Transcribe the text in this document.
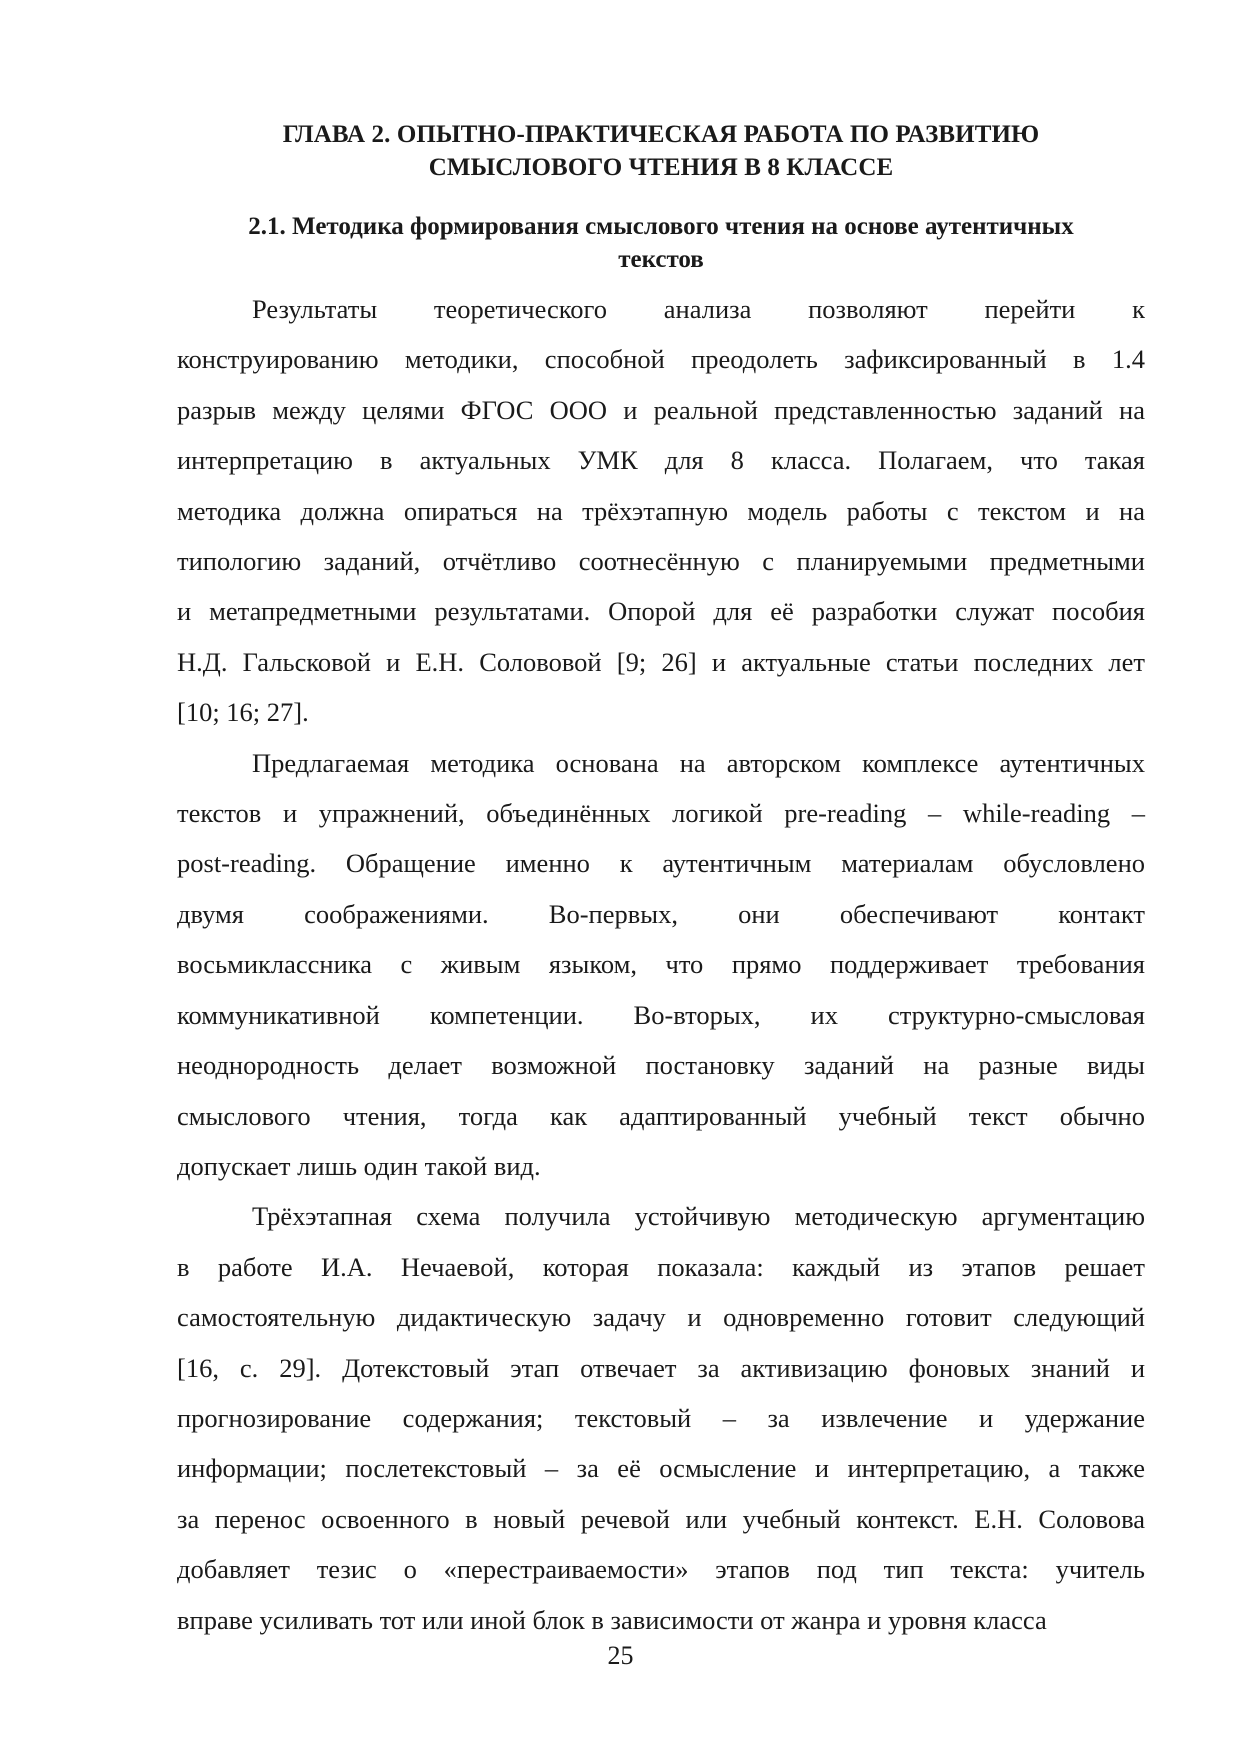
ГЛАВА 2. ОПЫТНО-ПРАКТИЧЕСКАЯ РАБОТА ПО РАЗВИТИЮ
СМЫСЛОВОГО ЧТЕНИЯ В 8 КЛАССЕ
2.1. Методика формирования смыслового чтения на основе аутентичных
текстов
Результаты теоретического анализа позволяют перейти к
конструированию методики, способной преодолеть зафиксированный в 1.4
разрыв между целями ФГОС ООО и реальной представленностью заданий на
интерпретацию в актуальных УМК для 8 класса. Полагаем, что такая
методика должна опираться на трёхэтапную модель работы с текстом и на
типологию заданий, отчётливо соотнесённую с планируемыми предметными
и метапредметными результатами. Опорой для её разработки служат пособия
Н.Д. Гальсковой и Е.Н. Солововой [9; 26] и актуальные статьи последних лет
[10; 16; 27].
Предлагаемая методика основана на авторском комплексе аутентичных
текстов и упражнений, объединённых логикой pre-reading – while-reading –
post-reading. Обращение именно к аутентичным материалам обусловлено
двумя соображениями. Во-первых, они обеспечивают контакт
восьмиклассника с живым языком, что прямо поддерживает требования
коммуникативной компетенции. Во-вторых, их структурно-смысловая
неоднородность делает возможной постановку заданий на разные виды
смыслового чтения, тогда как адаптированный учебный текст обычно
допускает лишь один такой вид.
Трёхэтапная схема получила устойчивую методическую аргументацию
в работе И.А. Нечаевой, которая показала: каждый из этапов решает
самостоятельную дидактическую задачу и одновременно готовит следующий
[16, с. 29]. Дотекстовый этап отвечает за активизацию фоновых знаний и
прогнозирование содержания; текстовый – за извлечение и удержание
информации; послетекстовый – за её осмысление и интерпретацию, а также
за перенос освоенного в новый речевой или учебный контекст. Е.Н. Соловова
добавляет тезис о «перестраиваемости» этапов под тип текста: учитель
вправе усиливать тот или иной блок в зависимости от жанра и уровня класса
25
